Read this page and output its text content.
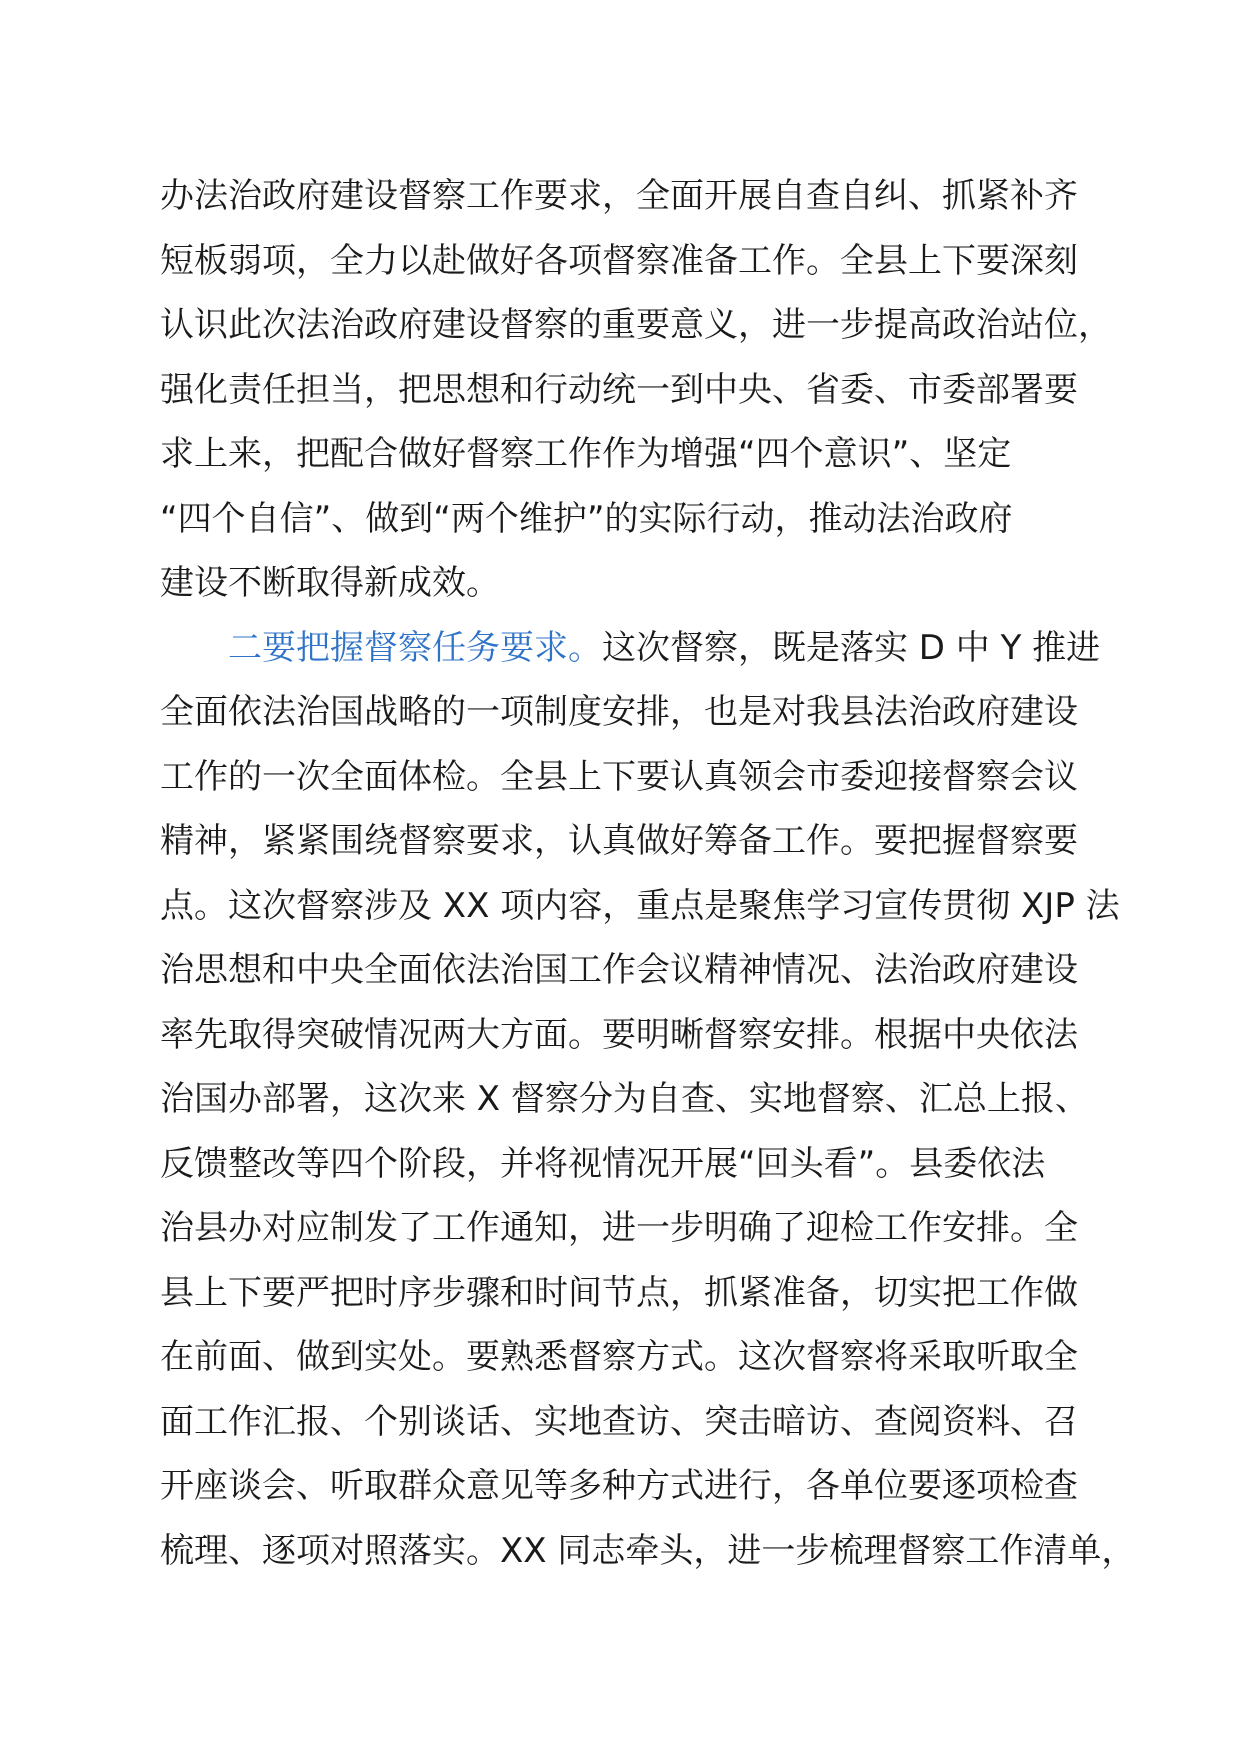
办法治政府建设督察工作要求，全面开展自查自纠、抓紧补齐
短板弱项，全力以赴做好各项督察准备工作。全县上下要深刻
认识此次法治政府建设督察的重要意义，进一步提高政治站位，
强化责任担当，把思想和行动统一到中央、省委、市委部署要
求上来，把配合做好督察工作作为增强“四个意识”、坚定
“四个自信”、做到“两个维护”的实际行动，推动法治政府
建设不断取得新成效。
二要把握督察任务要求。这次督察，既是落实 D 中 Y 推进
全面依法治国战略的一项制度安排，也是对我县法治政府建设
工作的一次全面体检。全县上下要认真领会市委迎接督察会议
精神，紧紧围绕督察要求，认真做好筹备工作。要把握督察要
点。这次督察涉及 XX 项内容，重点是聚焦学习宣传贯彻 XJP 法
治思想和中央全面依法治国工作会议精神情况、法治政府建设
率先取得突破情况两大方面。要明晰督察安排。根据中央依法
治国办部署，这次来 X 督察分为自查、实地督察、汇总上报、
反馈整改等四个阶段，并将视情况开展“回头看”。县委依法
治县办对应制发了工作通知，进一步明确了迎检工作安排。全
县上下要严把时序步骤和时间节点，抓紧准备，切实把工作做
在前面、做到实处。要熟悉督察方式。这次督察将采取听取全
面工作汇报、个别谈话、实地查访、突击暗访、查阅资料、召
开座谈会、听取群众意见等多种方式进行，各单位要逐项检查
梳理、逐项对照落实。XX 同志牵头，进一步梳理督察工作清单，
